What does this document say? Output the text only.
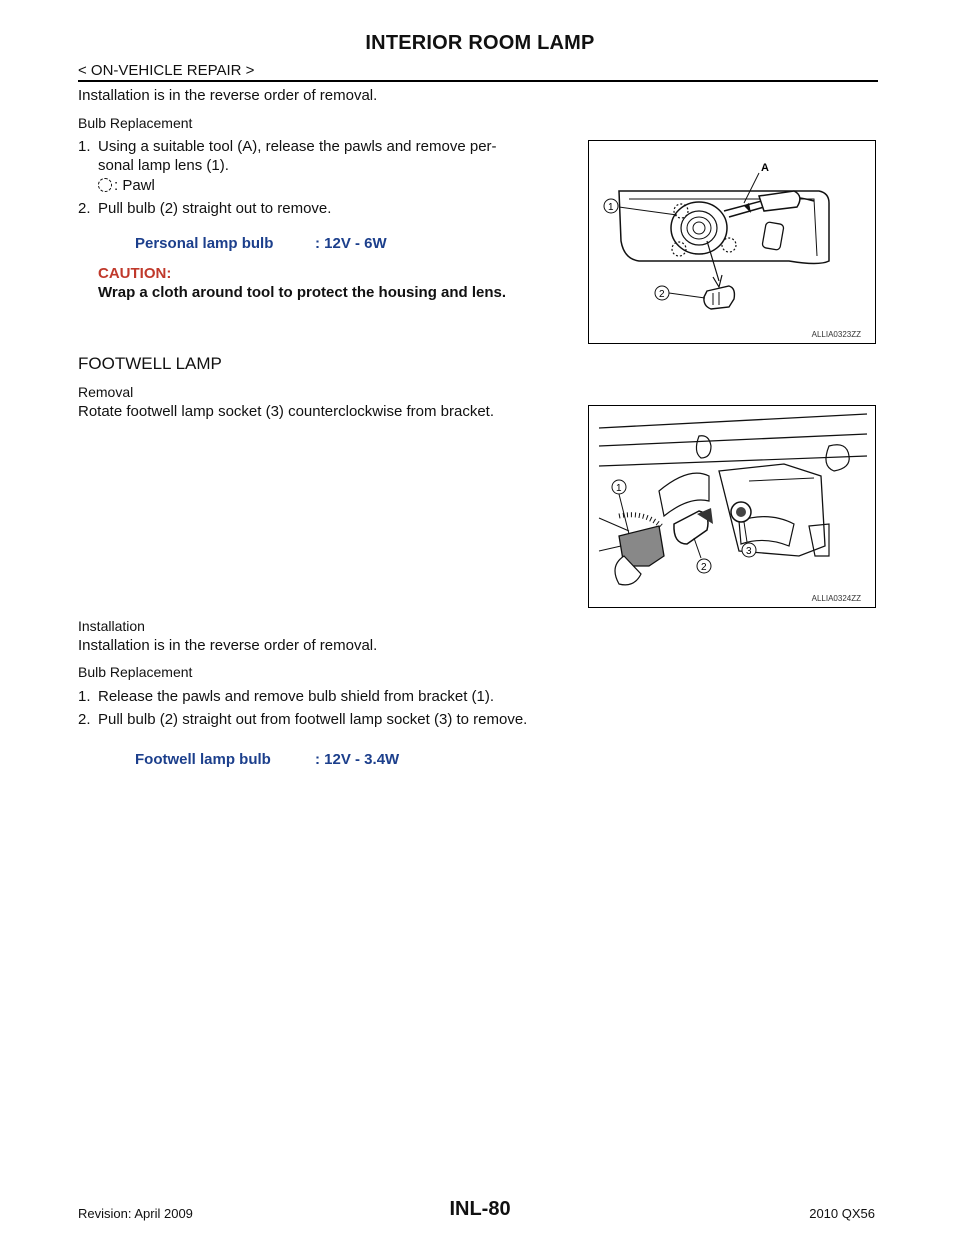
INTERIOR ROOM LAMP
< ON-VEHICLE REPAIR >
Installation is in the reverse order of removal.
Bulb Replacement
1. Using a suitable tool (A), release the pawls and remove per-
sonal lamp lens (1).
: Pawl
2. Pull bulb (2) straight out to remove.
Personal lamp bulb	: 12V - 6W
CAUTION:
Wrap a cloth around tool to protect the housing and lens.
A
1
2
ALLIA0323ZZ
FOOTWELL LAMP
Removal
Rotate footwell lamp socket (3) counterclockwise from bracket.
1
2
3
ALLIA0324ZZ
Installation
Installation is in the reverse order of removal.
Bulb Replacement
1. Release the pawls and remove bulb shield from bracket (1).
2. Pull bulb (2) straight out from footwell lamp socket (3) to remove.
Footwell lamp bulb	: 12V - 3.4W
Revision: April 2009	INL-80	2010 QX56
